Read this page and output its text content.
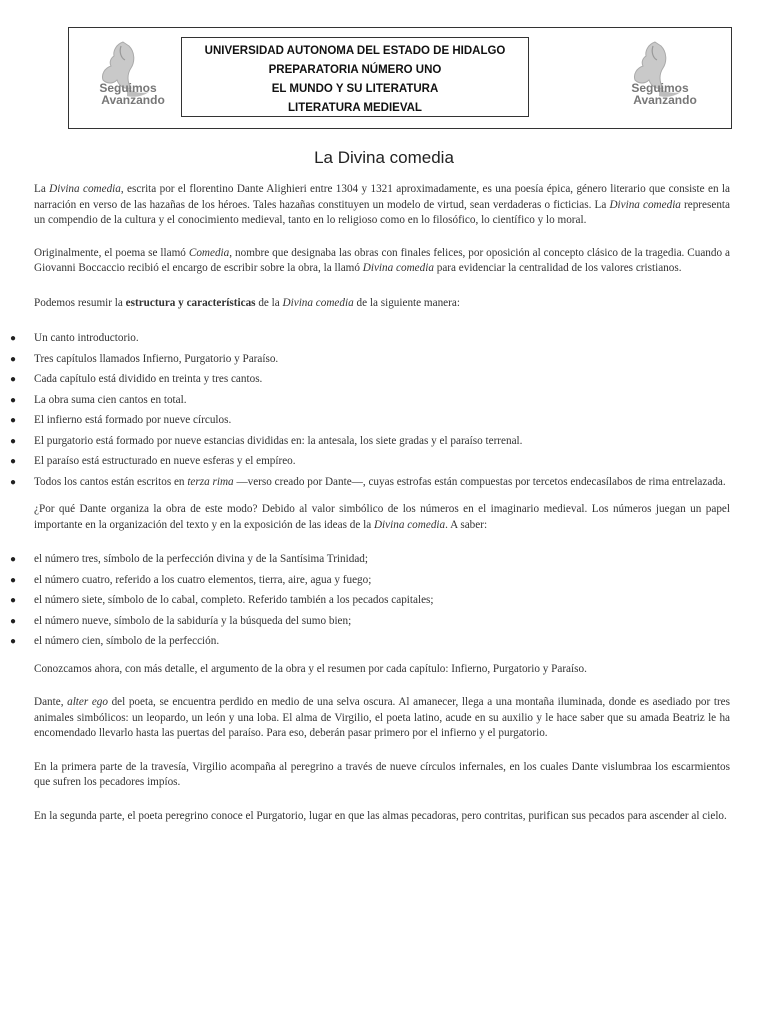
Seguimos
Avanzando
UNIVERSIDAD AUTONOMA DEL ESTADO DE HIDALGO
PREPARATORIA NÚMERO UNO
EL MUNDO Y SU LITERATURA
LITERATURA MEDIEVAL
Seguimos
Avanzando
La Divina comedia

La Divina comedia, escrita por el florentino Dante Alighieri entre 1304 y 1321 aproximadamente, es una poesía épica, género literario que consiste en la narración en verso de las hazañas de los héroes. Tales hazañas constituyen un modelo de virtud, sean verdaderas o ficticias. La Divina comedia representa un compendio de la cultura y el conocimiento medieval, tanto en lo religioso como en lo filosófico, lo científico y lo moral.

Originalmente, el poema se llamó Comedia, nombre que designaba las obras con finales felices, por oposición al concepto clásico de la tragedia. Cuando a Giovanni Boccaccio recibió el encargo de escribir sobre la obra, la llamó Divina comedia para evidenciar la centralidad de los valores cristianos.

Podemos resumir la estructura y características de la Divina comedia de la siguiente manera:

● Un canto introductorio.
● Tres capítulos llamados Infierno, Purgatorio y Paraíso.
● Cada capítulo está dividido en treinta y tres cantos.
● La obra suma cien cantos en total.
● El infierno está formado por nueve círculos.
● El purgatorio está formado por nueve estancias divididas en: la antesala, los siete gradas y el paraíso terrenal.
● El paraíso está estructurado en nueve esferas y el empíreo.
● Todos los cantos están escritos en terza rima —verso creado por Dante—, cuyas estrofas están compuestas por tercetos endecasílabos de rima entrelazada.

¿Por qué Dante organiza la obra de este modo? Debido al valor simbólico de los números en el imaginario medieval. Los números juegan un papel importante en la organización del texto y en la exposición de las ideas de la Divina comedia. A saber:

● el número tres, símbolo de la perfección divina y de la Santísima Trinidad;
● el número cuatro, referido a los cuatro elementos, tierra, aire, agua y fuego;
● el número siete, símbolo de lo cabal, completo. Referido también a los pecados capitales;
● el número nueve, símbolo de la sabiduría y la búsqueda del sumo bien;
● el número cien, símbolo de la perfección.

Conozcamos ahora, con más detalle, el argumento de la obra y el resumen por cada capítulo: Infierno, Purgatorio y Paraíso.

Dante, alter ego del poeta, se encuentra perdido en medio de una selva oscura. Al amanecer, llega a una montaña iluminada, donde es asediado por tres animales simbólicos: un leopardo, un león y una loba. El alma de Virgilio, el poeta latino, acude en su auxilio y le hace saber que su amada Beatriz le ha encomendado llevarlo hasta las puertas del paraíso. Para eso, deberán pasar primero por el infierno y el purgatorio.

En la primera parte de la travesía, Virgilio acompaña al peregrino a través de nueve círculos infernales, en los cuales Dante vislumbraa los escarmientos que sufren los pecadores impíos.

En la segunda parte, el poeta peregrino conoce el Purgatorio, lugar en que las almas pecadoras, pero contritas, purifican sus pecados para ascender al cielo.
